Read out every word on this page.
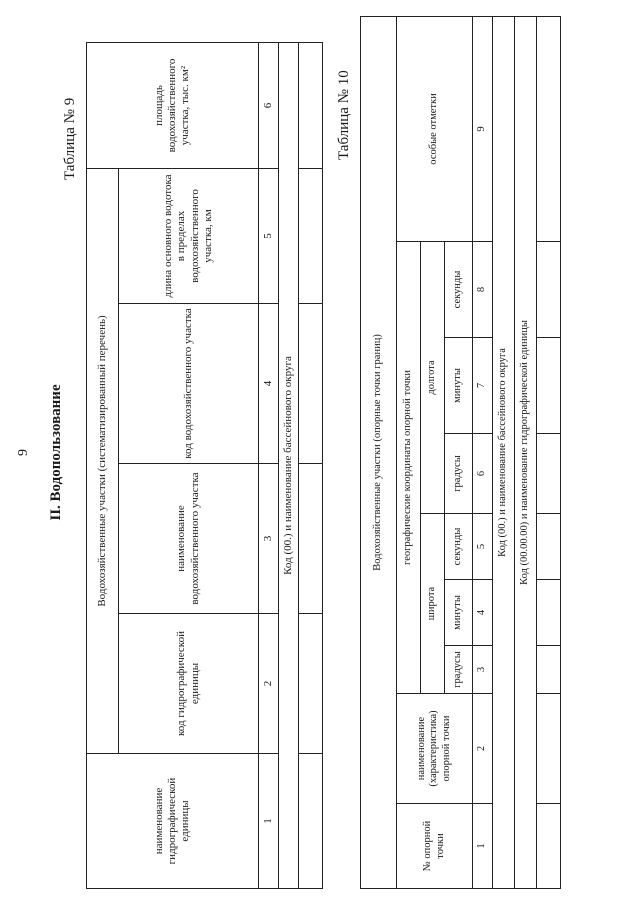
9 II. Водопользование
Таблица № 9
наименование гидрографической единицы	Водохозяйственные участки (систематизированный перечень)				площадь водохозяйственного участка, тыс. км²
	код гидрографической единицы	наименование водохозяйственного участка	код водохозяйственного участка	длина основного водотока в пределах водохозяйственного участка, км	
1	2	3	4	5	6
Код (00.) и наименование бассейнового округа					

Таблица № 10
Водохозяйственные участки (опорные точки границ)								
№ опорной точки	наименование (характеристика) опорной точки	географические координаты опорной точки						особые отметки
		широта			долгота			
		градусы	минуты	секунды	градусы	минуты	секунды	
1	2	3	4	5	6	7	8	9
Код (00.) и наименование бассейнового округа								
Код (00.00.00) и наименование гидрографической единицы								
